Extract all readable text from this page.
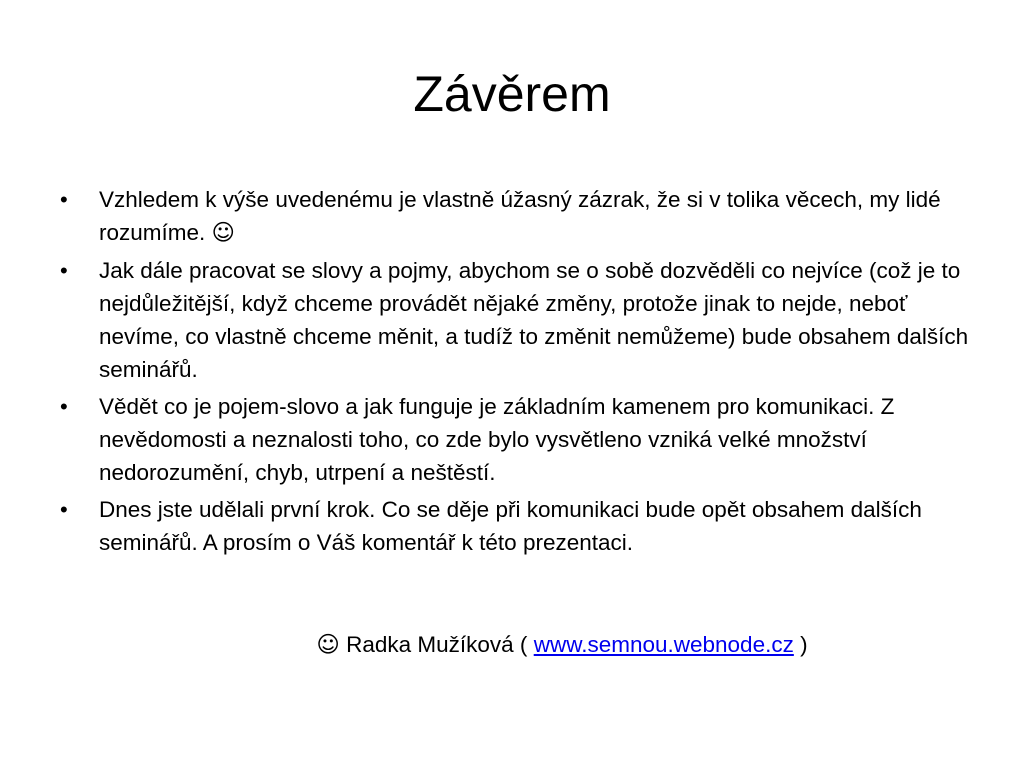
Závěrem
•	Vzhledem k výše uvedenému je vlastně úžasný zázrak, že si v tolika věcech, my lidé rozumíme. ☺
•	Jak dále pracovat se slovy a pojmy, abychom se o sobě dozvěděli co nejvíce (což je to nejdůležitější, když chceme provádět nějaké změny, protože jinak to nejde, neboť nevíme, co vlastně chceme měnit, a tudíž to změnit nemůžeme) bude obsahem dalších seminářů.
•	Vědět co je pojem-slovo a jak funguje je základním kamenem pro komunikaci. Z nevědomosti a neznalosti toho, co zde bylo vysvětleno vzniká velké množství nedorozumění, chyb, utrpení a neštěstí.
•	Dnes jste udělali první krok. Co se děje při komunikaci bude opět obsahem dalších seminářů. A prosím o Váš komentář k této prezentaci.
☺ Radka Mužíková ( www.semnou.webnode.cz )
